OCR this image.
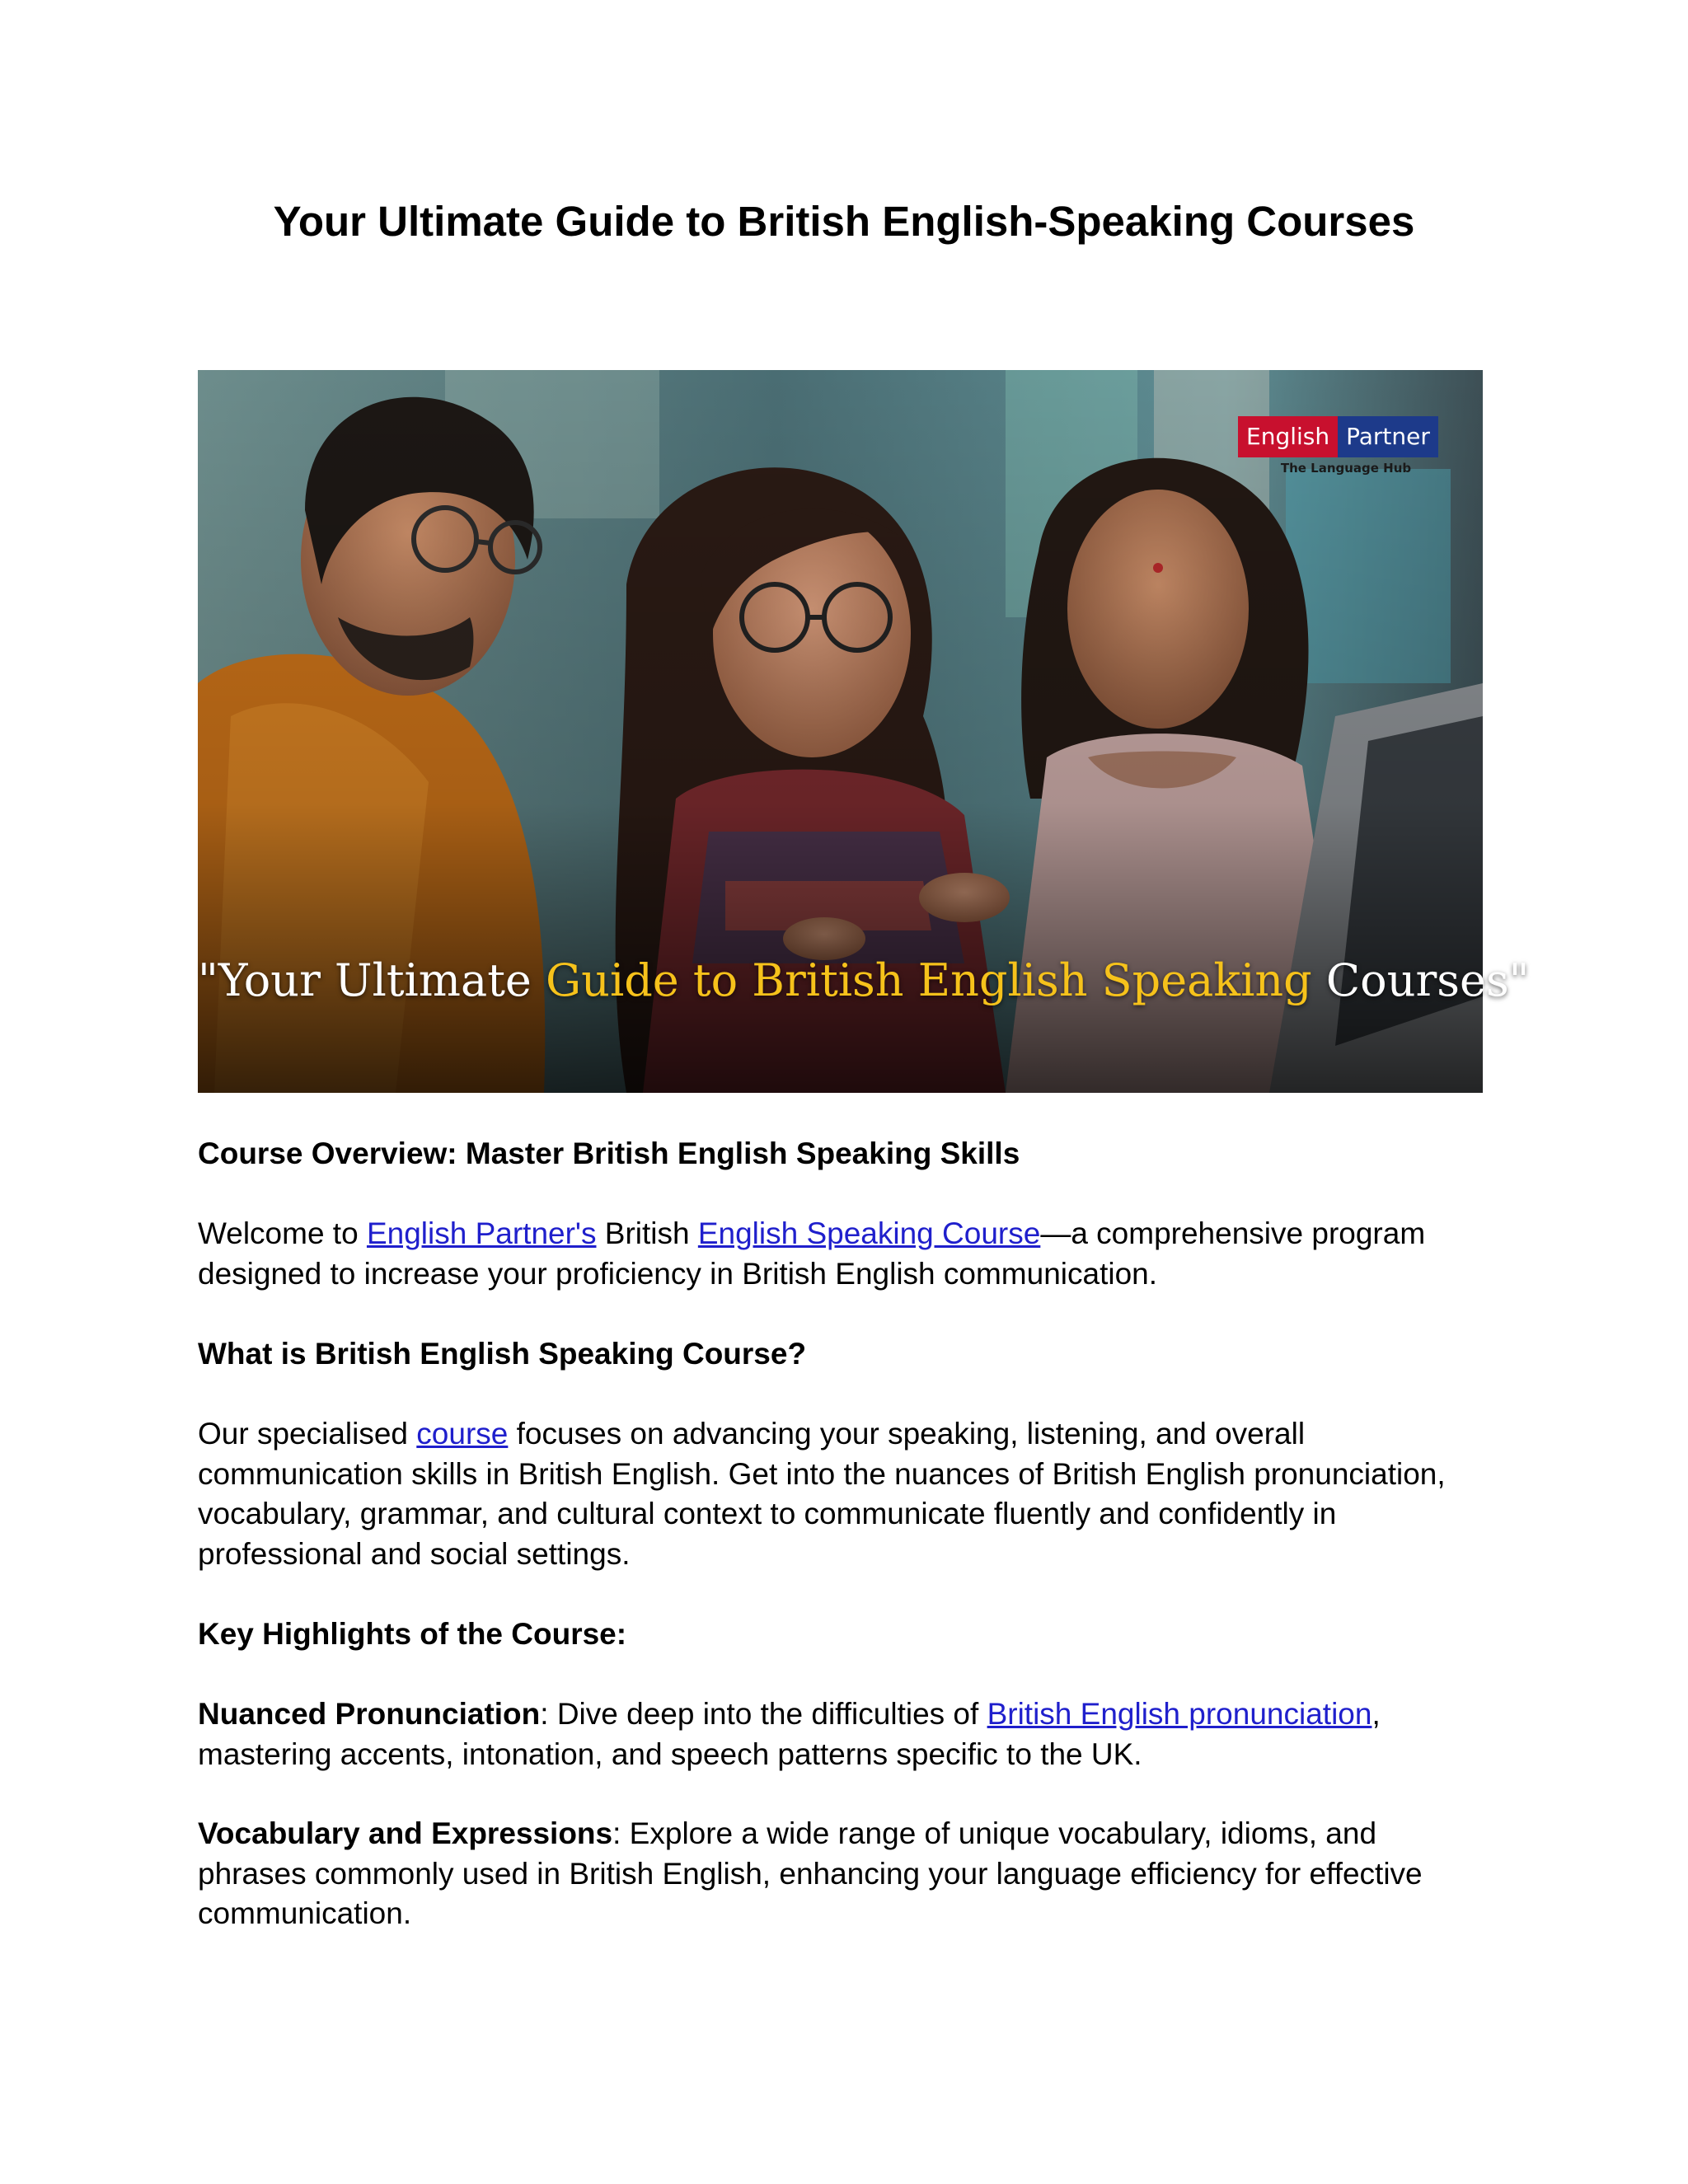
Your Ultimate Guide to British English-Speaking Courses
English Partner
The Language Hub
"Your Ultimate Guide to British English Speaking Courses"
Course Overview: Master British English Speaking Skills

Welcome to English Partner's British English Speaking Course—a comprehensive program designed to increase your proficiency in British English communication.

What is British English Speaking Course?

Our specialised course focuses on advancing your speaking, listening, and overall communication skills in British English. Get into the nuances of British English pronunciation, vocabulary, grammar, and cultural context to communicate fluently and confidently in professional and social settings.

Key Highlights of the Course:

Nuanced Pronunciation: Dive deep into the difficulties of British English pronunciation, mastering accents, intonation, and speech patterns specific to the UK.

Vocabulary and Expressions: Explore a wide range of unique vocabulary, idioms, and phrases commonly used in British English, enhancing your language efficiency for effective communication.
